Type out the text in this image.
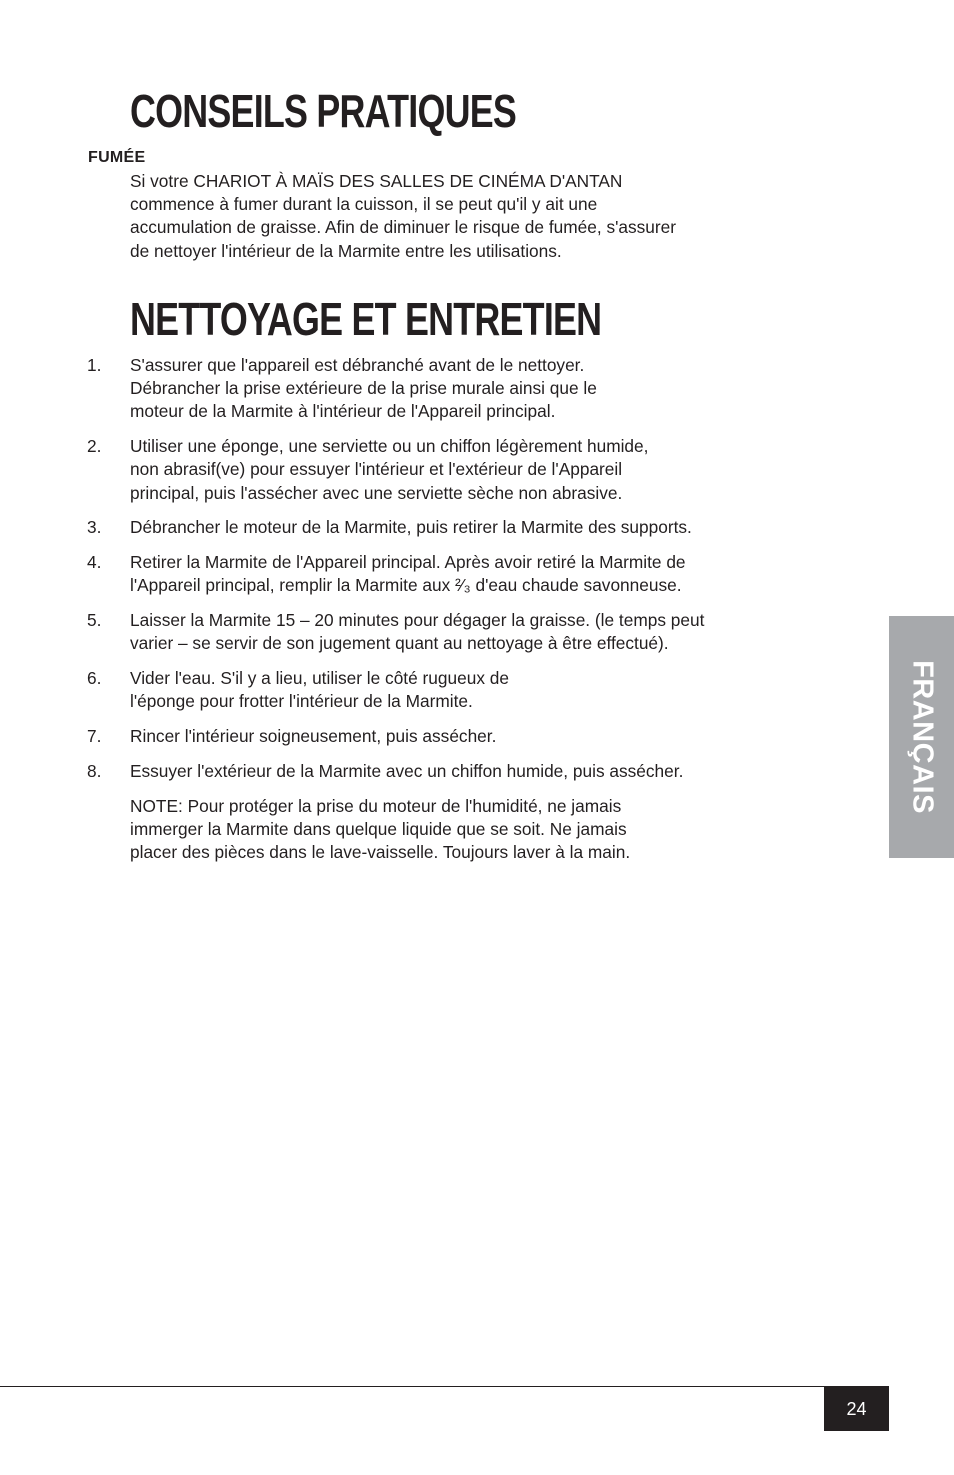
CONSEILS PRATIQUES
FUMÉE
Si votre CHARIOT À MAÏS DES SALLES DE CINÉMA D'ANTAN
commence à fumer durant la cuisson, il se peut qu'il y ait une
accumulation de graisse. Afin de diminuer le risque de fumée, s'assurer
de nettoyer l'intérieur de la Marmite entre les utilisations.
NETTOYAGE ET ENTRETIEN
1. S'assurer que l'appareil est débranché avant de le nettoyer.
Débrancher la prise extérieure de la prise murale ainsi que le
moteur de la Marmite à l'intérieur de l'Appareil principal.
2. Utiliser une éponge, une serviette ou un chiffon légèrement humide,
non abrasif(ve) pour essuyer l'intérieur et l'extérieur de l'Appareil
principal, puis l'assécher avec une serviette sèche non abrasive.
3. Débrancher le moteur de la Marmite, puis retirer la Marmite des supports.
4. Retirer la Marmite de l'Appareil principal. Après avoir retiré la Marmite de
l'Appareil principal, remplir la Marmite aux ²⁄₃ d'eau chaude savonneuse.
5. Laisser la Marmite 15 – 20 minutes pour dégager la graisse. (le temps peut
varier – se servir de son jugement quant au nettoyage à être effectué).
6. Vider l'eau. S'il y a lieu, utiliser le côté rugueux de
l'éponge pour frotter l'intérieur de la Marmite.
7. Rincer l'intérieur soigneusement, puis assécher.
8. Essuyer l'extérieur de la Marmite avec un chiffon humide, puis assécher.
NOTE: Pour protéger la prise du moteur de l'humidité, ne jamais
immerger la Marmite dans quelque liquide que se soit. Ne jamais
placer des pièces dans le lave-vaisselle. Toujours laver à la main.
FRANÇAIS
24
